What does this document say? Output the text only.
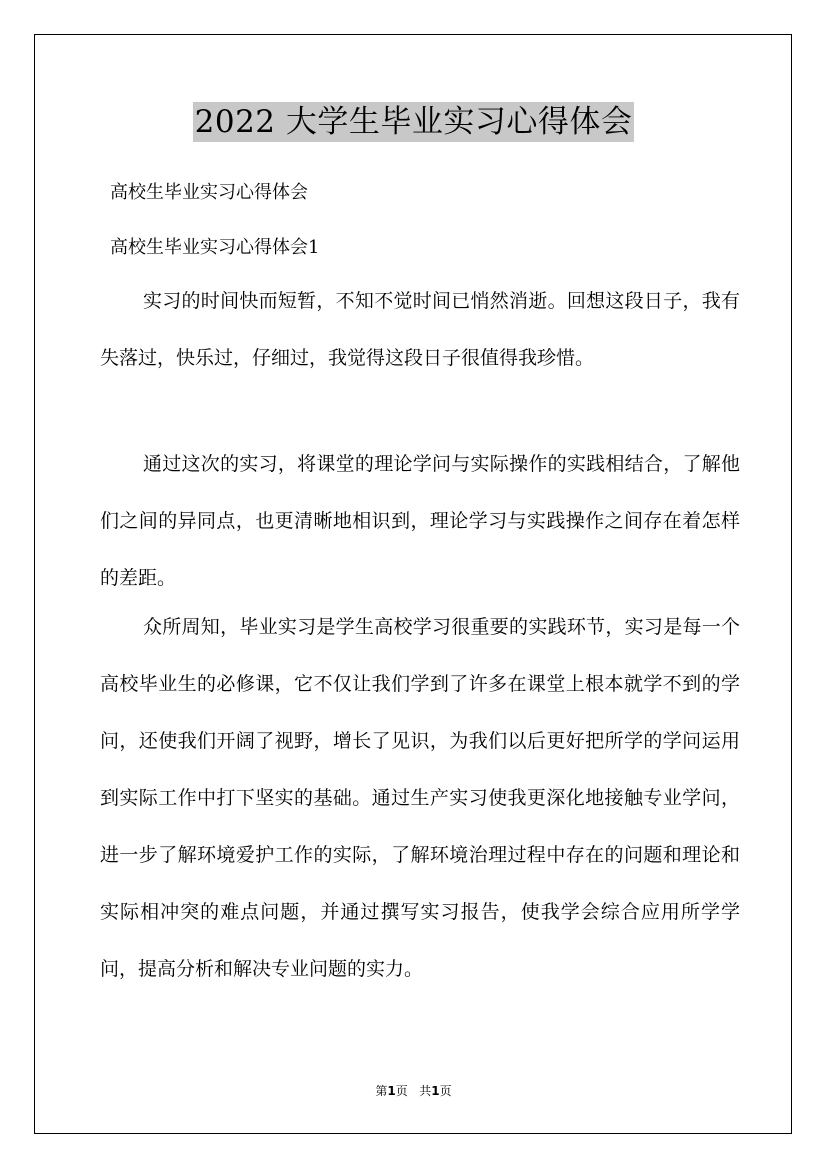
2022 大学生毕业实习心得体会
高校生毕业实习心得体会
高校生毕业实习心得体会1

实习的时间快而短暂，不知不觉时间已悄然消逝。回想这段日子，我有失落过，快乐过，仔细过，我觉得这段日子很值得我珍惜。

通过这次的实习，将课堂的理论学问与实际操作的实践相结合，了解他们之间的异同点，也更清晰地相识到，理论学习与实践操作之间存在着怎样的差距。

众所周知，毕业实习是学生高校学习很重要的实践环节，实习是每一个高校毕业生的必修课，它不仅让我们学到了许多在课堂上根本就学不到的学问，还使我们开阔了视野，增长了见识，为我们以后更好把所学的学问运用到实际工作中打下坚实的基础。通过生产实习使我更深化地接触专业学问，进一步了解环境爱护工作的实际，了解环境治理过程中存在的问题和理论和实际相冲突的难点问题，并通过撰写实习报告，使我学会综合应用所学学问，提高分析和解决专业问题的实力。

第1页 共1页
